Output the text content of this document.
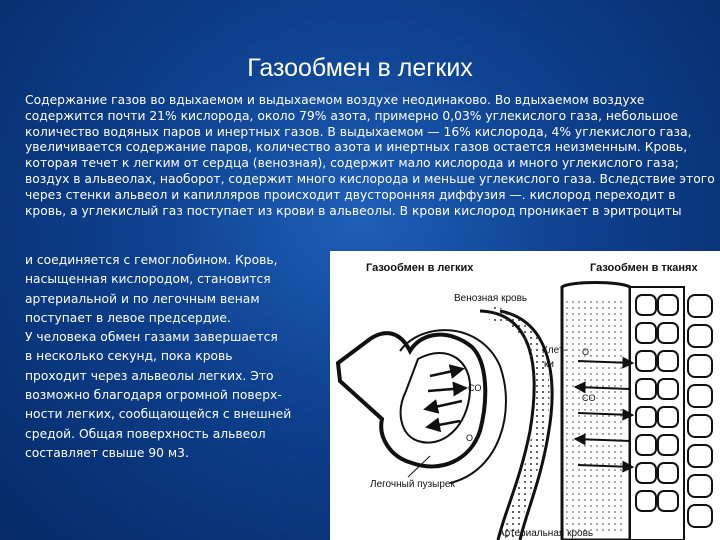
Газообмен в легких

Содержание газов во вдыхаемом и выдыхаемом воздухе неодинаково. Во вдыхаемом воздухе содержится почти 21% кислорода, около 79% азота, примерно 0,03% углекислого газа, небольшое количество водяных паров и инертных газов. В выдыхаемом — 16% кислорода, 4% углекислого газа, увеличивается содержание паров, количество азота и инертных газов остается неизменным. Кровь, которая течет к легким от сердца (венозная), содержит мало кислорода и много углекислого газа; воздух в альвеолах, наоборот, содержит много кислорода и меньше углекислого газа. Вследствие этого через стенки альвеол и капилляров происходит двусторонняя диффузия —. кислород переходит в кровь, а углекислый газ поступает из крови в альвеолы. В крови кислород проникает в эритроциты

и соединяется с гемоглобином. Кровь,
насыщенная кислородом, становится
артериальной и по легочным венам
поступает в левое предсердие.
У человека обмен газами завершается
в несколько секунд, пока кровь
проходит через альвеолы легких. Это
возможно благодаря огромной поверх-
ности легких, сообщающейся с внешней
средой. Общая поверхность альвеол
составляет свыше 90 м3.

Газообмен в легких	Газообмен в тканях
Венозная кровь
CO
O
O
CO
Клет-
ки
Легочный пузырек
Артериальная кровь
